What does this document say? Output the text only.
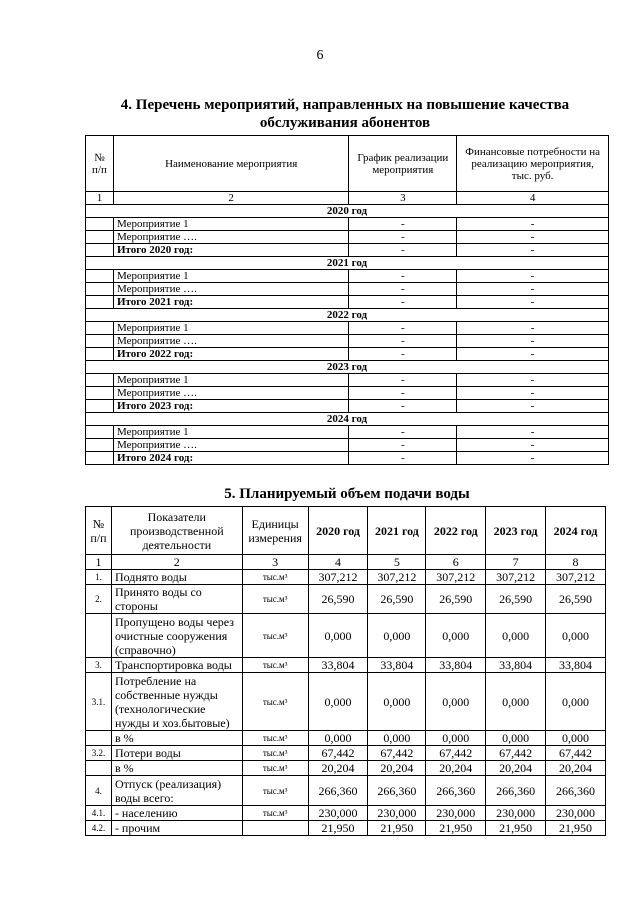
6
4. Перечень мероприятий, направленных на повышение качества
обслуживания абонентов
№ п/п	Наименование мероприятия	График реализации мероприятия	Финансовые потребности на реализацию мероприятия, тыс. руб.
1	2	3	4
2020 год			
	Мероприятие 1	-	-
	Мероприятие ….	-	-
	Итого 2020 год:	-	-
2021 год			
	Мероприятие 1	-	-
	Мероприятие ….	-	-
	Итого 2021 год:	-	-
2022 год			
	Мероприятие 1	-	-
	Мероприятие ….	-	-
	Итого 2022 год:	-	-
2023 год			
	Мероприятие 1	-	-
	Мероприятие ….	-	-
	Итого 2023 год:	-	-
2024 год			
	Мероприятие 1	-	-
	Мероприятие ….	-	-
	Итого 2024 год:	-	-
5. Планируемый объем подачи воды
№ п/п	Показатели производственной деятельности	Единицы измерения	2020 год	2021 год	2022 год	2023 год	2024 год
1	2	3	4	5	6	7	8
1.	Поднято воды	тыс.м³	307,212	307,212	307,212	307,212	307,212
2.	Принято воды со стороны	тыс.м³	26,590	26,590	26,590	26,590	26,590
	Пропущено воды через очистные сооружения (справочно)	тыс.м³	0,000	0,000	0,000	0,000	0,000
3.	Транспортировка воды	тыс.м³	33,804	33,804	33,804	33,804	33,804
3.1.	Потребление на собственные нужды (технологические нужды и хоз.бытовые)	тыс.м³	0,000	0,000	0,000	0,000	0,000
	в %	тыс.м³	0,000	0,000	0,000	0,000	0,000
3.2.	Потери воды	тыс.м³	67,442	67,442	67,442	67,442	67,442
	в %	тыс.м³	20,204	20,204	20,204	20,204	20,204
4.	Отпуск (реализация) воды всего:	тыс.м³	266,360	266,360	266,360	266,360	266,360
4.1.	- населению	тыс.м³	230,000	230,000	230,000	230,000	230,000
4.2.	- прочим		21,950	21,950	21,950	21,950	21,950
